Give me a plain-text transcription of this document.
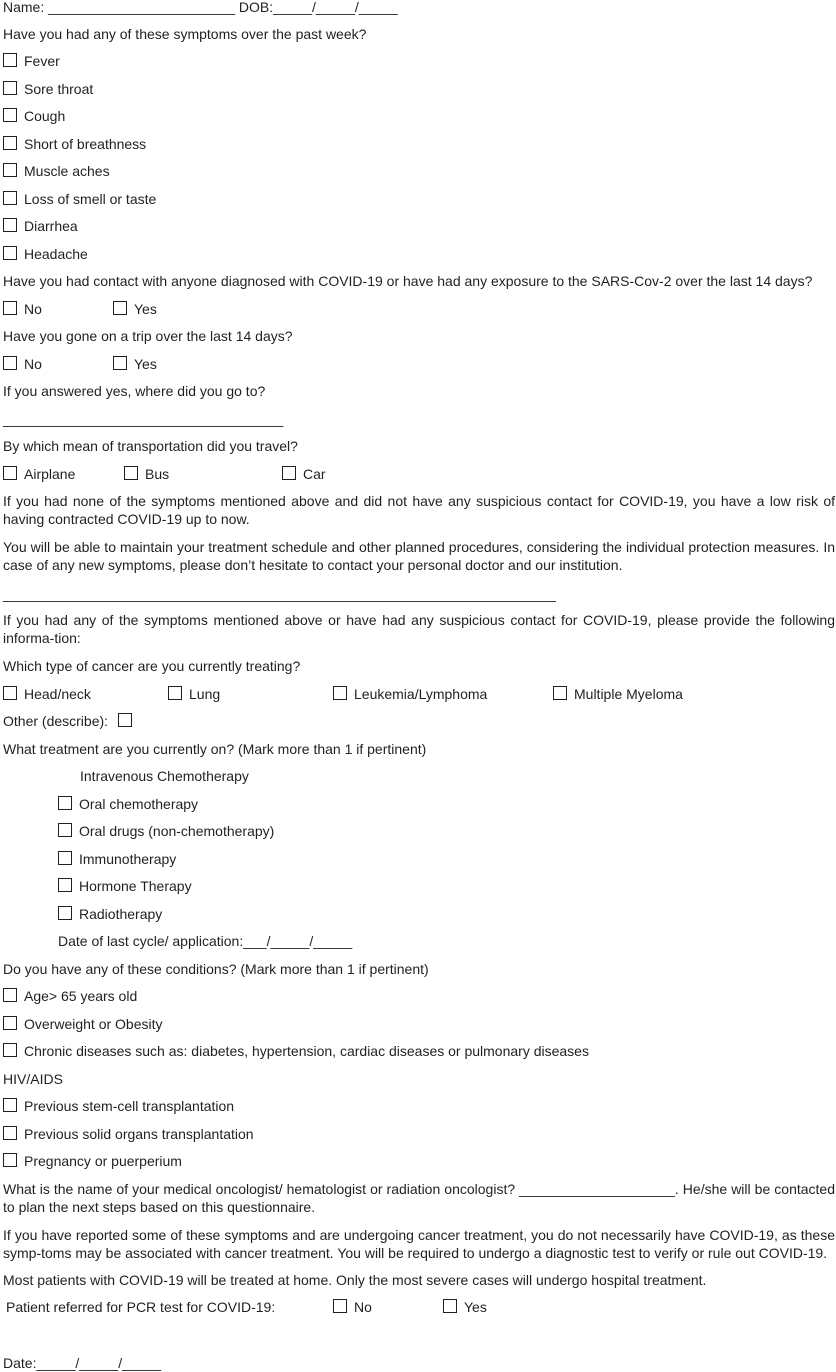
Name: ________________________ DOB:_____/_____/_____
Have you had any of these symptoms over the past week?
Fever
Sore throat
Cough
Short of breathness
Muscle aches
Loss of smell or taste
Diarrhea
Headache
Have you had contact with anyone diagnosed with COVID-19 or have had any exposure to the SARS-Cov-2 over the last 14 days?
No	Yes
Have you gone on a trip over the last 14 days?
No	Yes
If you answered yes, where did you go to?
____________________________________
By which mean of transportation did you travel?
Airplane	Bus	Car
If you had none of the symptoms mentioned above and did not have any suspicious contact for COVID-19, you have a low risk of having contracted COVID-19 up to now.
You will be able to maintain your treatment schedule and other planned procedures, considering the individual protection measures. In case of any new symptoms, please don’t hesitate to contact your personal doctor and our institution.
_______________________________________________________________________
If you had any of the symptoms mentioned above or have had any suspicious contact for COVID-19, please provide the following informa-tion:
Which type of cancer are you currently treating?
Head/neck	Lung	Leukemia/Lymphoma	Multiple Myeloma
Other (describe):
What treatment are you currently on? (Mark more than 1 if pertinent)
Intravenous Chemotherapy
Oral chemotherapy
Oral drugs (non-chemotherapy)
Immunotherapy
Hormone Therapy
Radiotherapy
Date of last cycle/ application:___/_____/_____
Do you have any of these conditions? (Mark more than 1 if pertinent)
Age> 65 years old
Overweight or Obesity
Chronic diseases such as: diabetes, hypertension, cardiac diseases or pulmonary diseases
HIV/AIDS
Previous stem-cell transplantation
Previous solid organs transplantation
Pregnancy or puerperium
What is the name of your medical oncologist/ hematologist or radiation oncologist? ____________________. He/she will be contacted to plan the next steps based on this questionnaire.
If you have reported some of these symptoms and are undergoing cancer treatment, you do not necessarily have COVID-19, as these symp-toms may be associated with cancer treatment. You will be required to undergo a diagnostic test to verify or rule out COVID-19.
Most patients with COVID-19 will be treated at home. Only the most severe cases will undergo hospital treatment.
Patient referred for PCR test for COVID-19:	No	Yes
Date:_____/_____/_____
